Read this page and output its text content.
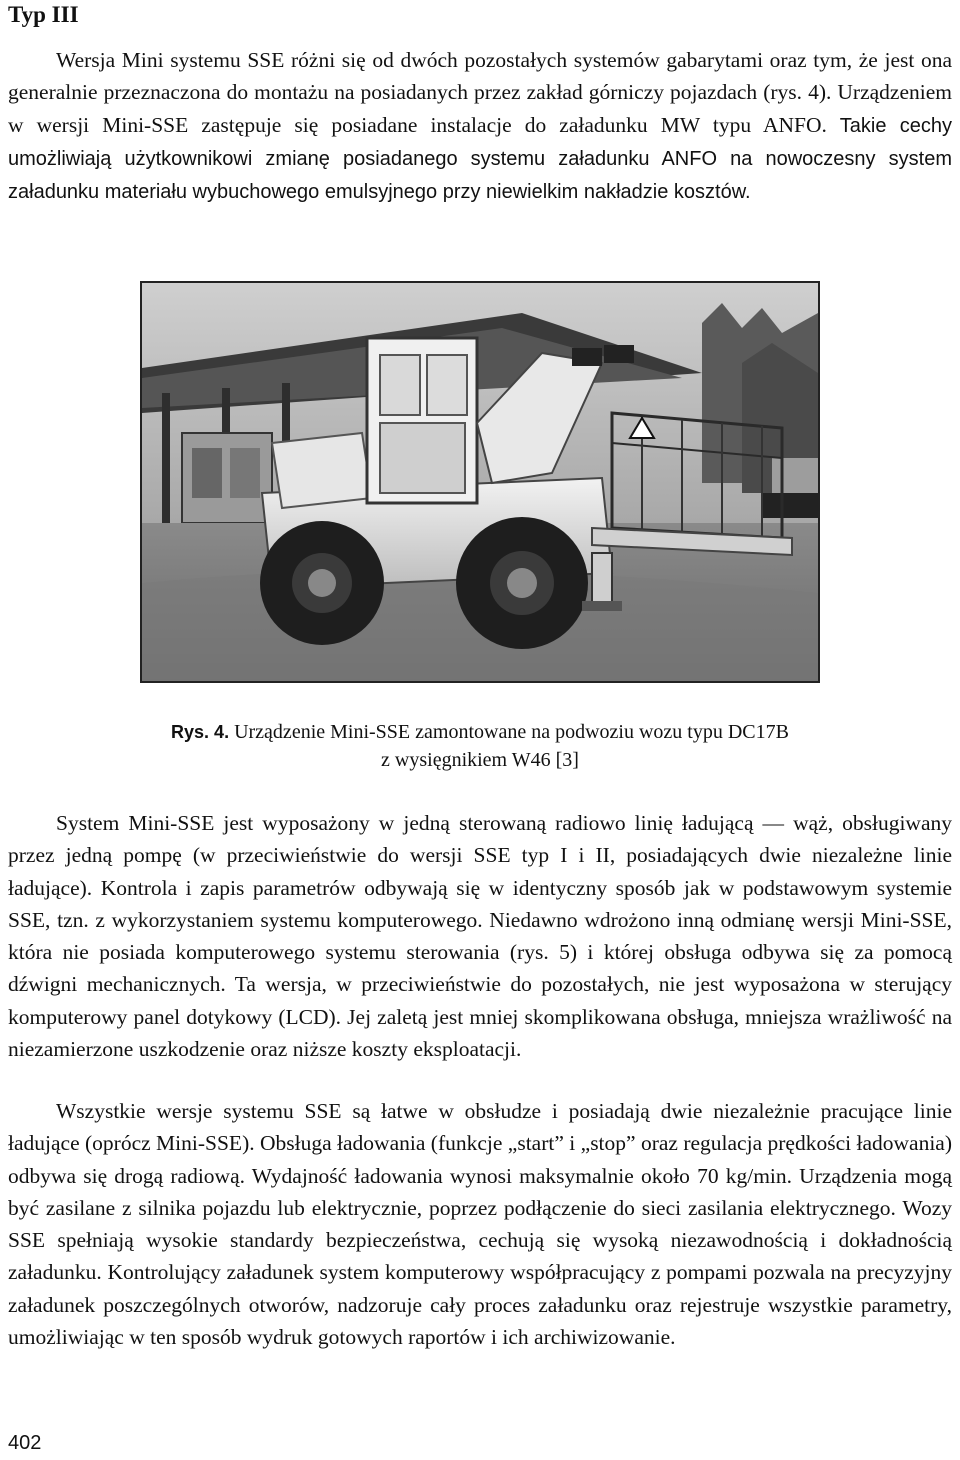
Typ III

Wersja Mini systemu SSE różni się od dwóch pozostałych systemów gabarytami oraz tym, że jest ona generalnie przeznaczona do montażu na posiadanych przez zakład górniczy pojazdach (rys. 4). Urządzeniem w wersji Mini-SSE zastępuje się posiadane instalacje do załadunku MW typu ANFO. Takie cechy umożliwiają użytkownikowi zmianę posiadanego systemu załadunku ANFO na nowoczesny system załadunku materiału wybuchowego emulsyjnego przy niewielkim nakładzie kosztów.

Rys. 4. Urządzenie Mini-SSE zamontowane na podwoziu wozu typu DC17B
z wysięgnikiem W46 [3]

System Mini-SSE jest wyposażony w jedną sterowaną radiowo linię ładującą — wąż, obsługiwany przez jedną pompę (w przeciwieństwie do wersji SSE typ I i II, posiadających dwie niezależne linie ładujące). Kontrola i zapis parametrów odbywają się w identyczny sposób jak w podstawowym systemie SSE, tzn. z wykorzystaniem systemu komputerowego. Niedawno wdrożono inną odmianę wersji Mini-SSE, która nie posiada komputerowego systemu sterowania (rys. 5) i której obsługa odbywa się za pomocą dźwigni mechanicznych. Ta wersja, w przeciwieństwie do pozostałych, nie jest wyposażona w sterujący komputerowy panel dotykowy (LCD). Jej zaletą jest mniej skomplikowana obsługa, mniejsza wrażliwość na niezamierzone uszkodzenie oraz niższe koszty eksploatacji.

Wszystkie wersje systemu SSE są łatwe w obsłudze i posiadają dwie niezależnie pracujące linie ładujące (oprócz Mini-SSE). Obsługa ładowania (funkcje „start” i „stop” oraz regulacja prędkości ładowania) odbywa się drogą radiową. Wydajność ładowania wynosi maksymalnie około 70 kg/min. Urządzenia mogą być zasilane z silnika pojazdu lub elektrycznie, poprzez podłączenie do sieci zasilania elektrycznego. Wozy SSE spełniają wysokie standardy bezpieczeństwa, cechują się wysoką niezawodnością i dokładnością załadunku. Kontrolujący załadunek system komputerowy współpracujący z pompami pozwala na precyzyjny załadunek poszczególnych otworów, nadzoruje cały proces załadunku oraz rejestruje wszystkie parametry, umożliwiając w ten sposób wydruk gotowych raportów i ich archiwizowanie.

402
